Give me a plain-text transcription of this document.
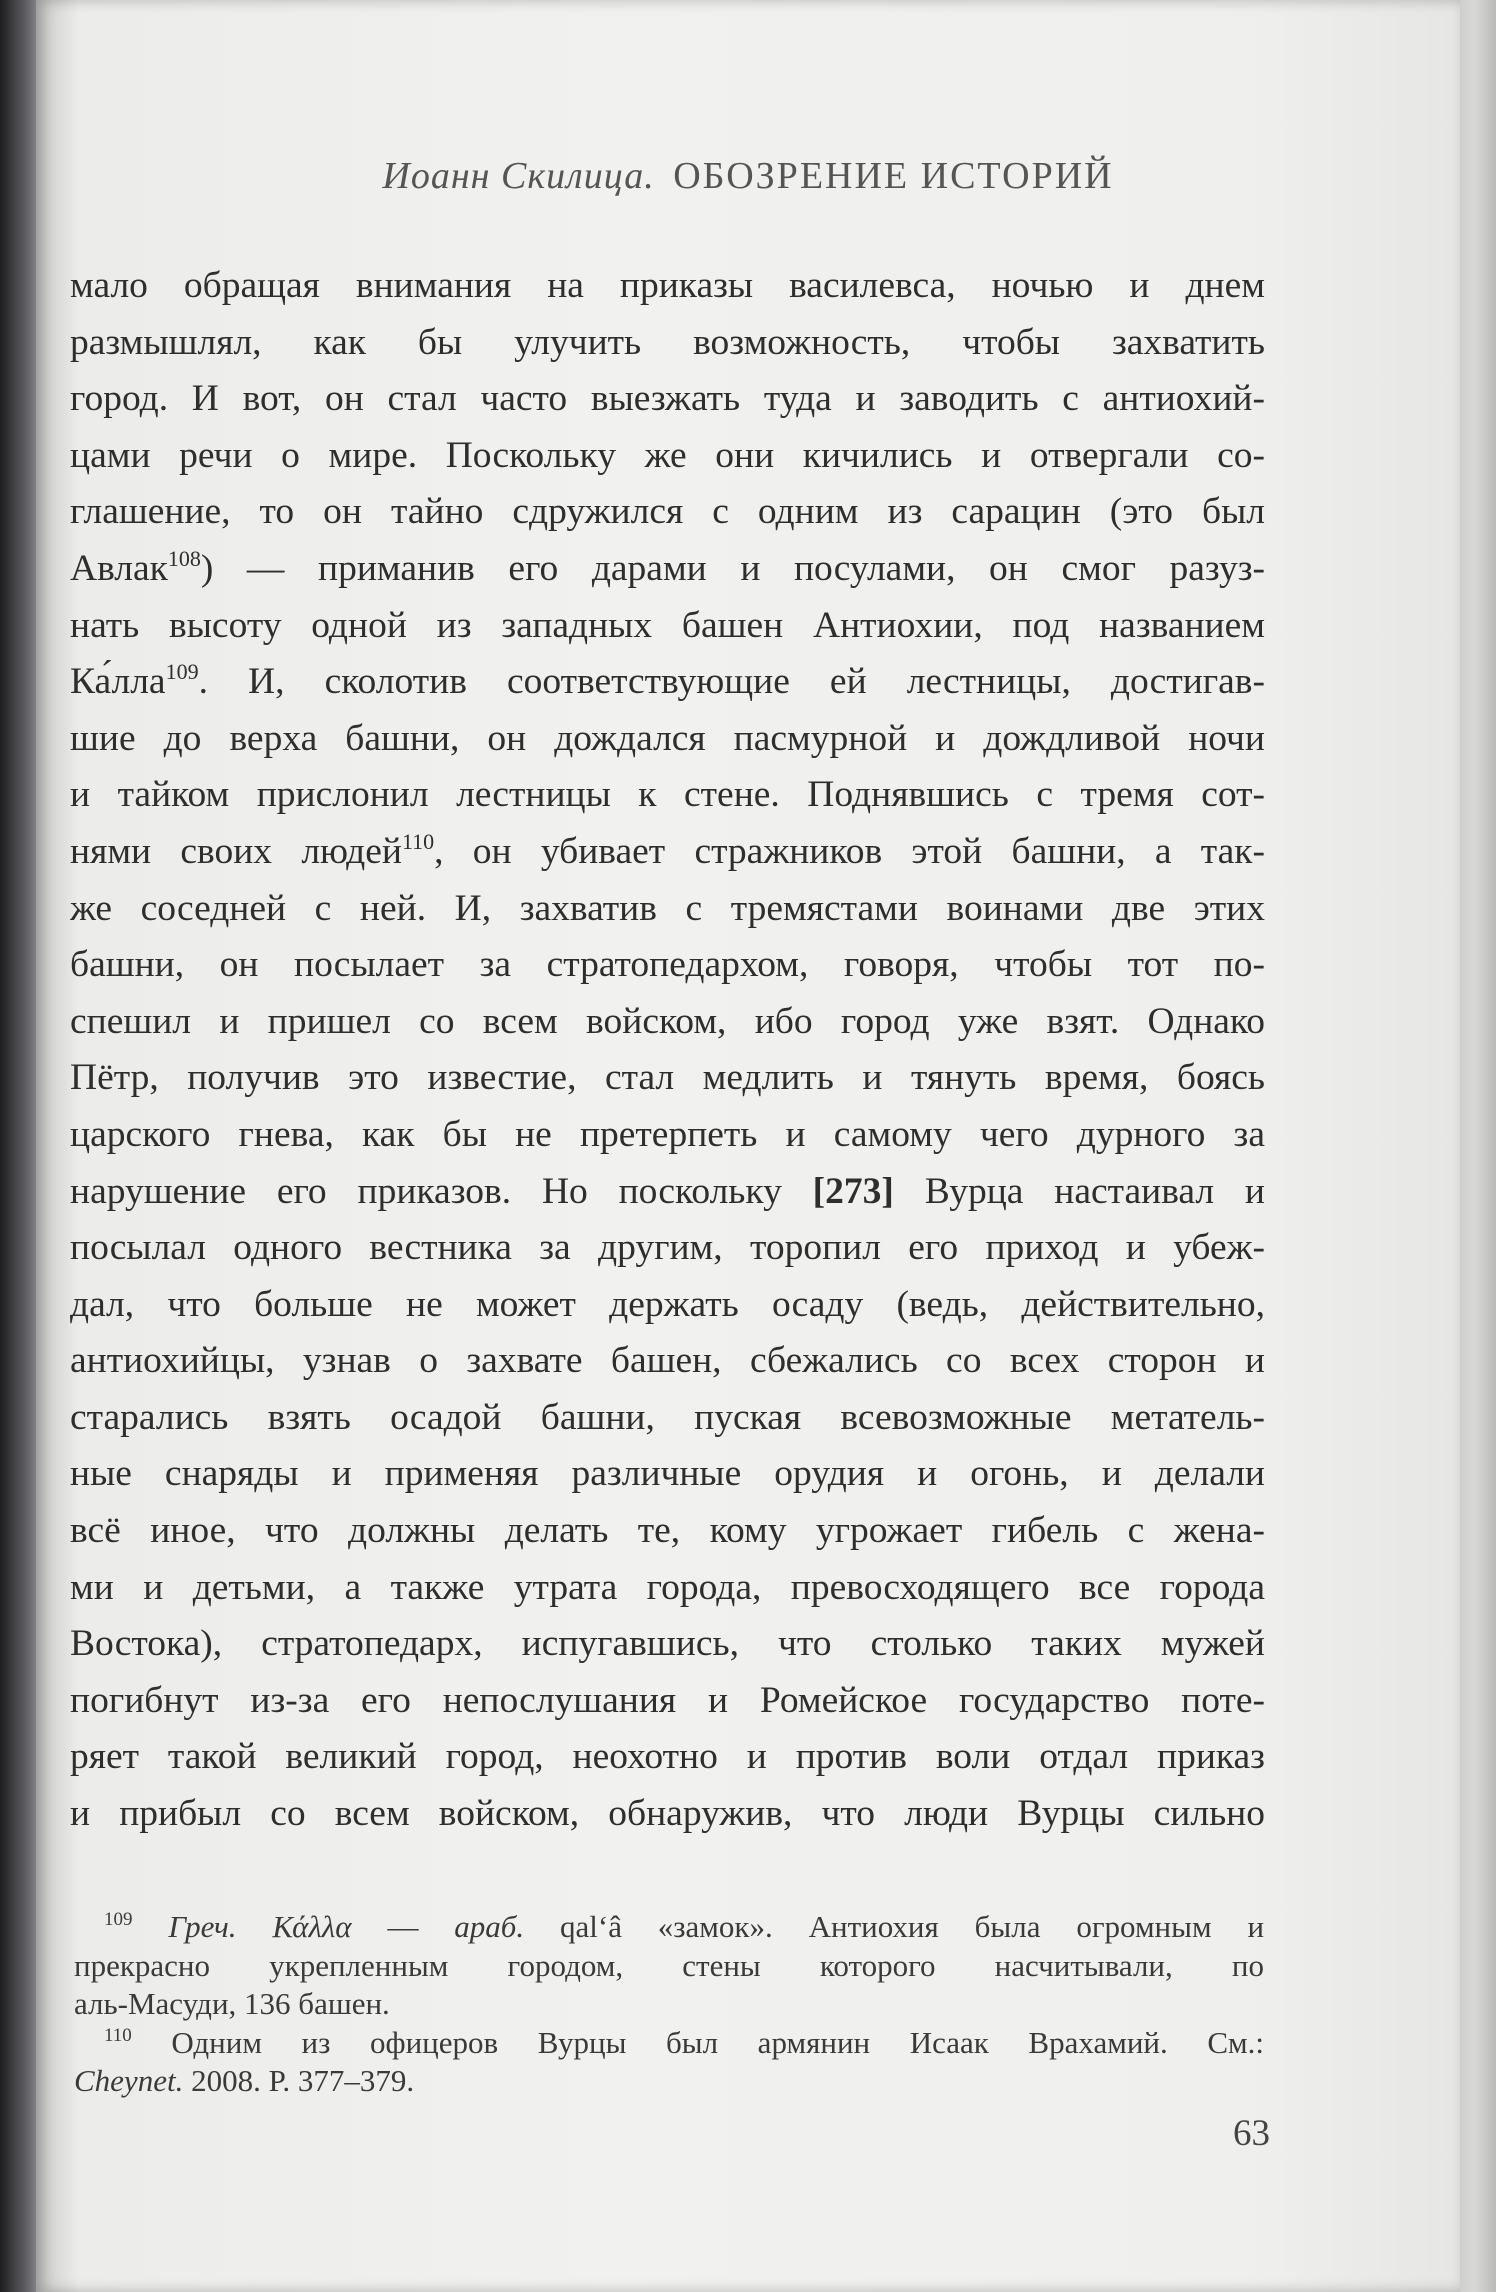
Иоанн Скилица. ОБОЗРЕНИЕ ИСТОРИЙ
мало обращая внимания на приказы василевса, ночью и днем
размышлял, как бы улучить возможность, чтобы захватить
город. И вот, он стал часто выезжать туда и заводить с антиохий-
цами речи о мире. Поскольку же они кичились и отвергали со-
глашение, то он тайно сдружился с одним из сарацин (это был
Авлак$^{108}$) — приманив его дарами и посулами, он смог разуз-
нать высоту одной из западных башен Антиохии, под названием
Ка́лла$^{109}$. И, сколотив соответствующие ей лестницы, достигав-
шие до верха башни, он дождался пасмурной и дождливой ночи
и тайком прислонил лестницы к стене. Поднявшись с тремя сот-
нями своих людей$^{110}$, он убивает стражников этой башни, а так-
же соседней с ней. И, захватив с тремястами воинами две этих
башни, он посылает за стратопедархом, говоря, чтобы тот по-
спешил и пришел со всем войском, ибо город уже взят. Однако
Пётр, получив это известие, стал медлить и тянуть время, боясь
царского гнева, как бы не претерпеть и самому чего дурного за
нарушение его приказов. Но поскольку [273] Вурца настаивал и
посылал одного вестника за другим, торопил его приход и убеж-
дал, что больше не может держать осаду (ведь, действительно,
антиохийцы, узнав о захвате башен, сбежались со всех сторон и
старались взять осадой башни, пуская всевозможные метатель-
ные снаряды и применяя различные орудия и огонь, и делали
всё иное, что должны делать те, кому угрожает гибель с жена-
ми и детьми, а также утрата города, превосходящего все города
Востока), стратопедарх, испугавшись, что столько таких мужей
погибнут из-за его непослушания и Ромейское государство поте-
ряет такой великий город, неохотно и против воли отдал приказ
и прибыл со всем войском, обнаружив, что люди Вурцы сильно
$^{109}$ Греч. Κάλλα — араб. qal‘â «замок». Антиохия была огромным и
прекрасно укрепленным городом, стены которого насчитывали, по
аль-Масуди, 136 башен.
$^{110}$ Одним из офицеров Вурцы был армянин Исаак Врахамий. См.:
Cheynet. 2008. P. 377–379.
63
